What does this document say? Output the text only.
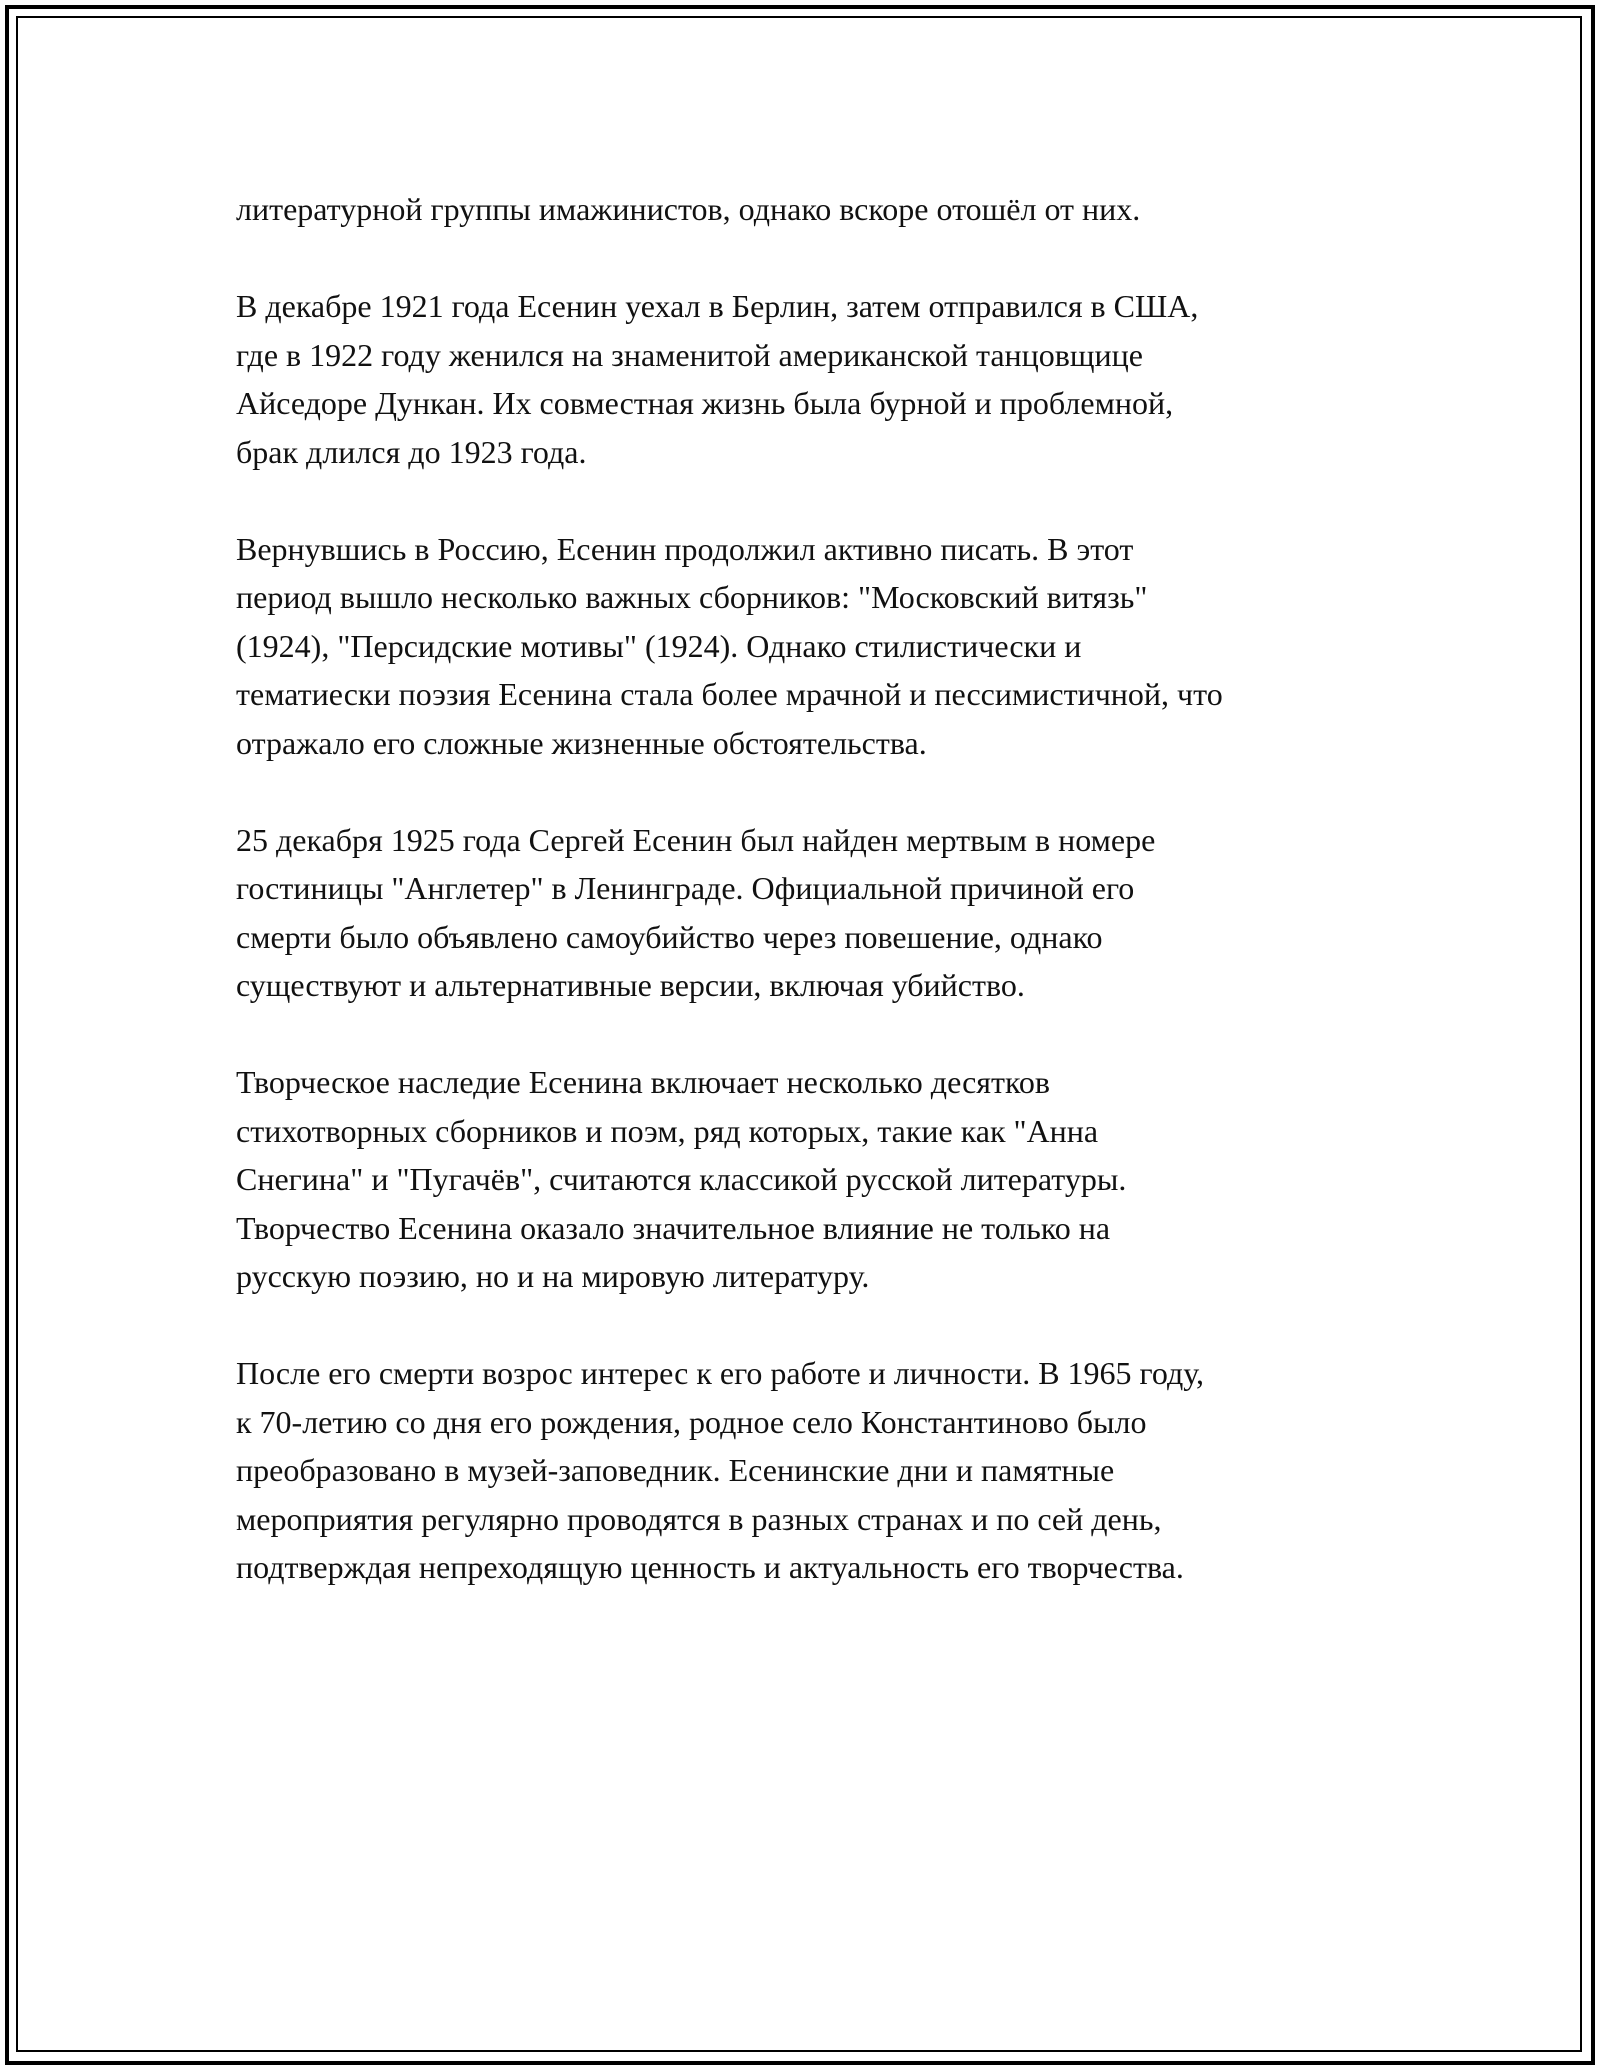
литературной группы имажинистов, однако вскоре отошёл от них.
В декабре 1921 года Есенин уехал в Берлин, затем отправился в США,
где в 1922 году женился на знаменитой американской танцовщице
Айседоре Дункан. Их совместная жизнь была бурной и проблемной,
брак длился до 1923 года.
Вернувшись в Россию, Есенин продолжил активно писать. В этот
период вышло несколько важных сборников: "Московский витязь"
(1924), "Персидские мотивы" (1924). Однако стилистически и
тематиески поэзия Есенина стала более мрачной и пессимистичной, что
отражало его сложные жизненные обстоятельства.
25 декабря 1925 года Сергей Есенин был найден мертвым в номере
гостиницы "Англетер" в Ленинграде. Официальной причиной его
смерти было объявлено самоубийство через повешение, однако
существуют и альтернативные версии, включая убийство.
Творческое наследие Есенина включает несколько десятков
стихотворных сборников и поэм, ряд которых, такие как "Анна
Снегина" и "Пугачёв", считаются классикой русской литературы.
Творчество Есенина оказало значительное влияние не только на
русскую поэзию, но и на мировую литературу.
После его смерти возрос интерес к его работе и личности. В 1965 году,
к 70-летию со дня его рождения, родное село Константиново было
преобразовано в музей-заповедник. Есенинские дни и памятные
мероприятия регулярно проводятся в разных странах и по сей день,
подтверждая непреходящую ценность и актуальность его творчества.
